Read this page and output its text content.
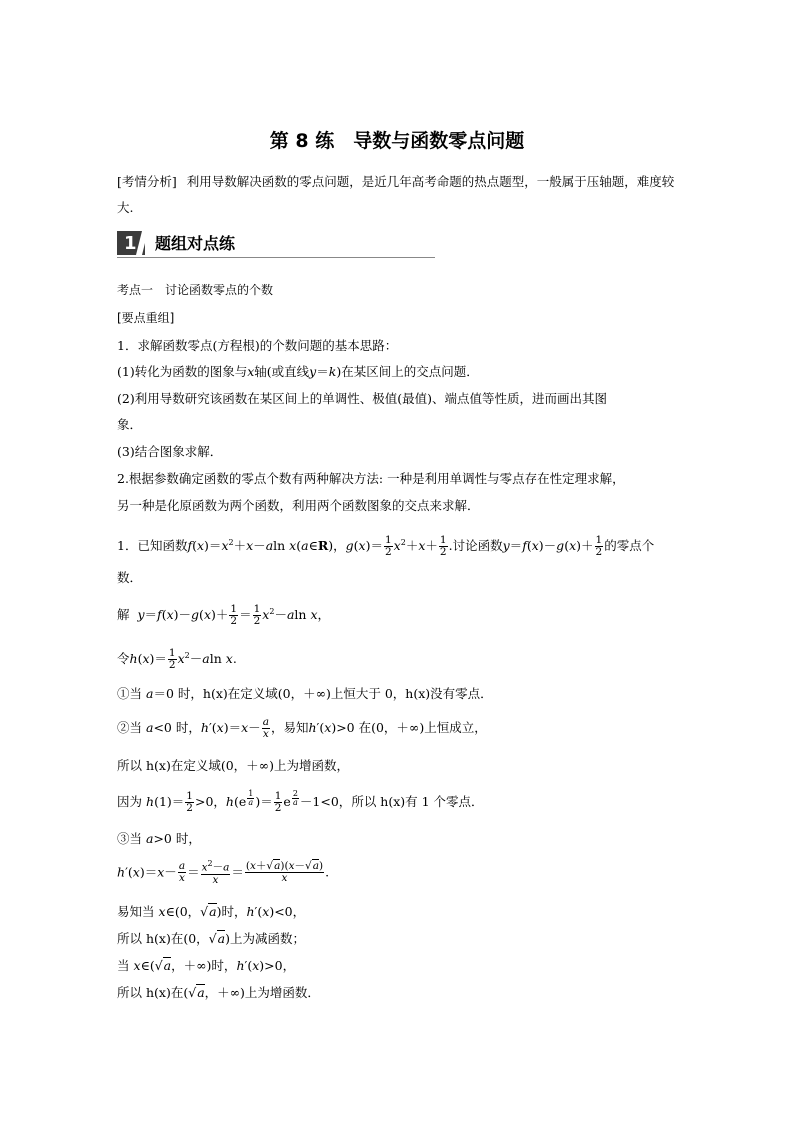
第 8 练　导数与函数零点问题
[考情分析] 利用导数解决函数的零点问题，是近几年高考命题的热点题型，一般属于压轴题，难度较大.
1 题组对点练
考点一　讨论函数零点的个数
[要点重组]
1．求解函数零点(方程根)的个数问题的基本思路：
(1)转化为函数的图象与x轴(或直线y＝k)在某区间上的交点问题．
(2)利用导数研究该函数在某区间上的单调性、极值(最值)、端点值等性质，进而画出其图
象．
(3)结合图象求解．
2.根据参数确定函数的零点个数有两种解决方法: 一种是利用单调性与零点存在性定理求解，
另一种是化原函数为两个函数，利用两个函数图象的交点来求解．
1．已知函数$f(x)=x^2+x-aln$ x(a∈R)，$g(x)= \frac{1}{2} x^2+x+ \frac{1}{2}$ .讨论函数$y=f(x)-g(x)+ \frac{1}{2}$ 的零点个
数．
解 $y=f(x)-g(x)+ \frac{1}{2} = \frac{1}{2} x^2-aln$ x，
令$h(x)= \frac{1}{2} x^2-aln$ x.
①当 a＝0 时，h(x)在定义域(0，＋∞)上恒大于 0，h(x)没有零点．
②当 a<0 时，$h'(x)=x- \frac{a}{x}$ ，易知h′(x)>0 在(0，＋∞)上恒成立，
所以 h(x)在定义域(0，＋∞)上为增函数，
因为 $h(1)= \frac{1}{2} >0$，h(e $^{\frac{1}{a}}$ )＝ $\frac{1}{2}$ e $^{\frac{2}{a}}$ －1<0，所以 h(x)有 1 个零点．
③当 a>0 时，
$h'(x)=x- \frac{a}{x} = \frac{x^2-a}{x} = \frac{(x+√a)(x-√a)}{x}$ .
易知当 x∈(0，√a)时，h′(x)<0，
所以 h(x)在(0，√a)上为减函数；
当 x∈(√a，＋∞)时，h′(x)>0，
所以 h(x)在(√a，＋∞)上为增函数．
